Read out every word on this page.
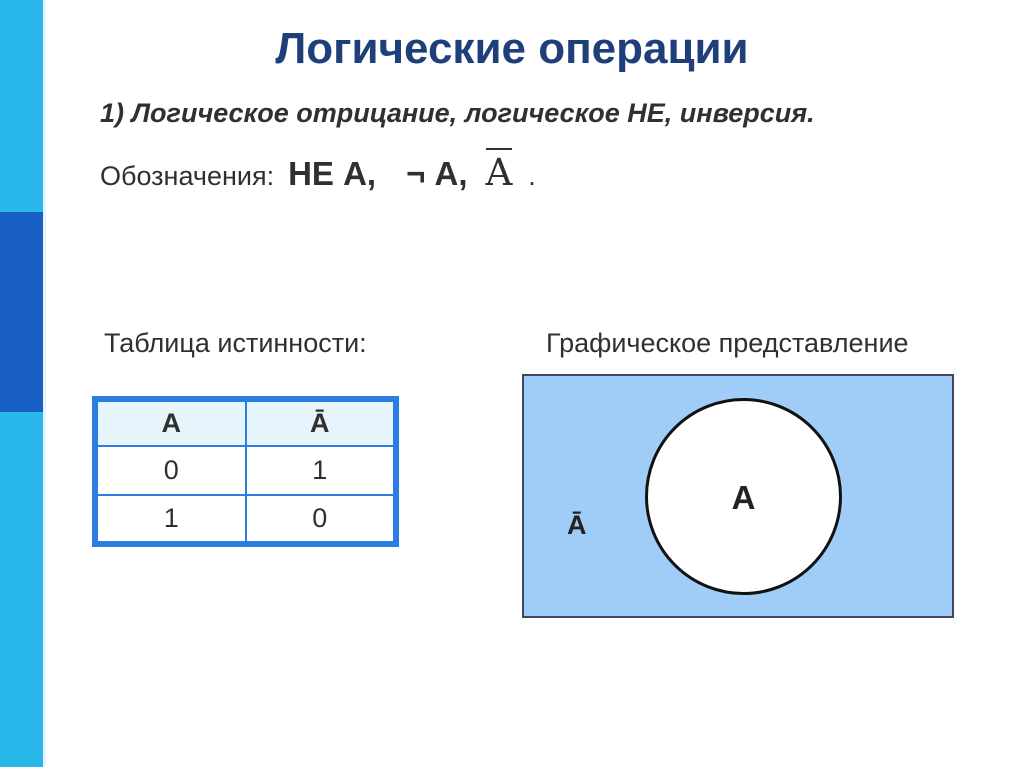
Логические операции
1) Логическое отрицание, логическое НЕ, инверсия.
Обозначения: НЕ А, ¬ А, A .
Таблица истинности:	Графическое представление
А	Ā
0	1
1	0
А
Ā
